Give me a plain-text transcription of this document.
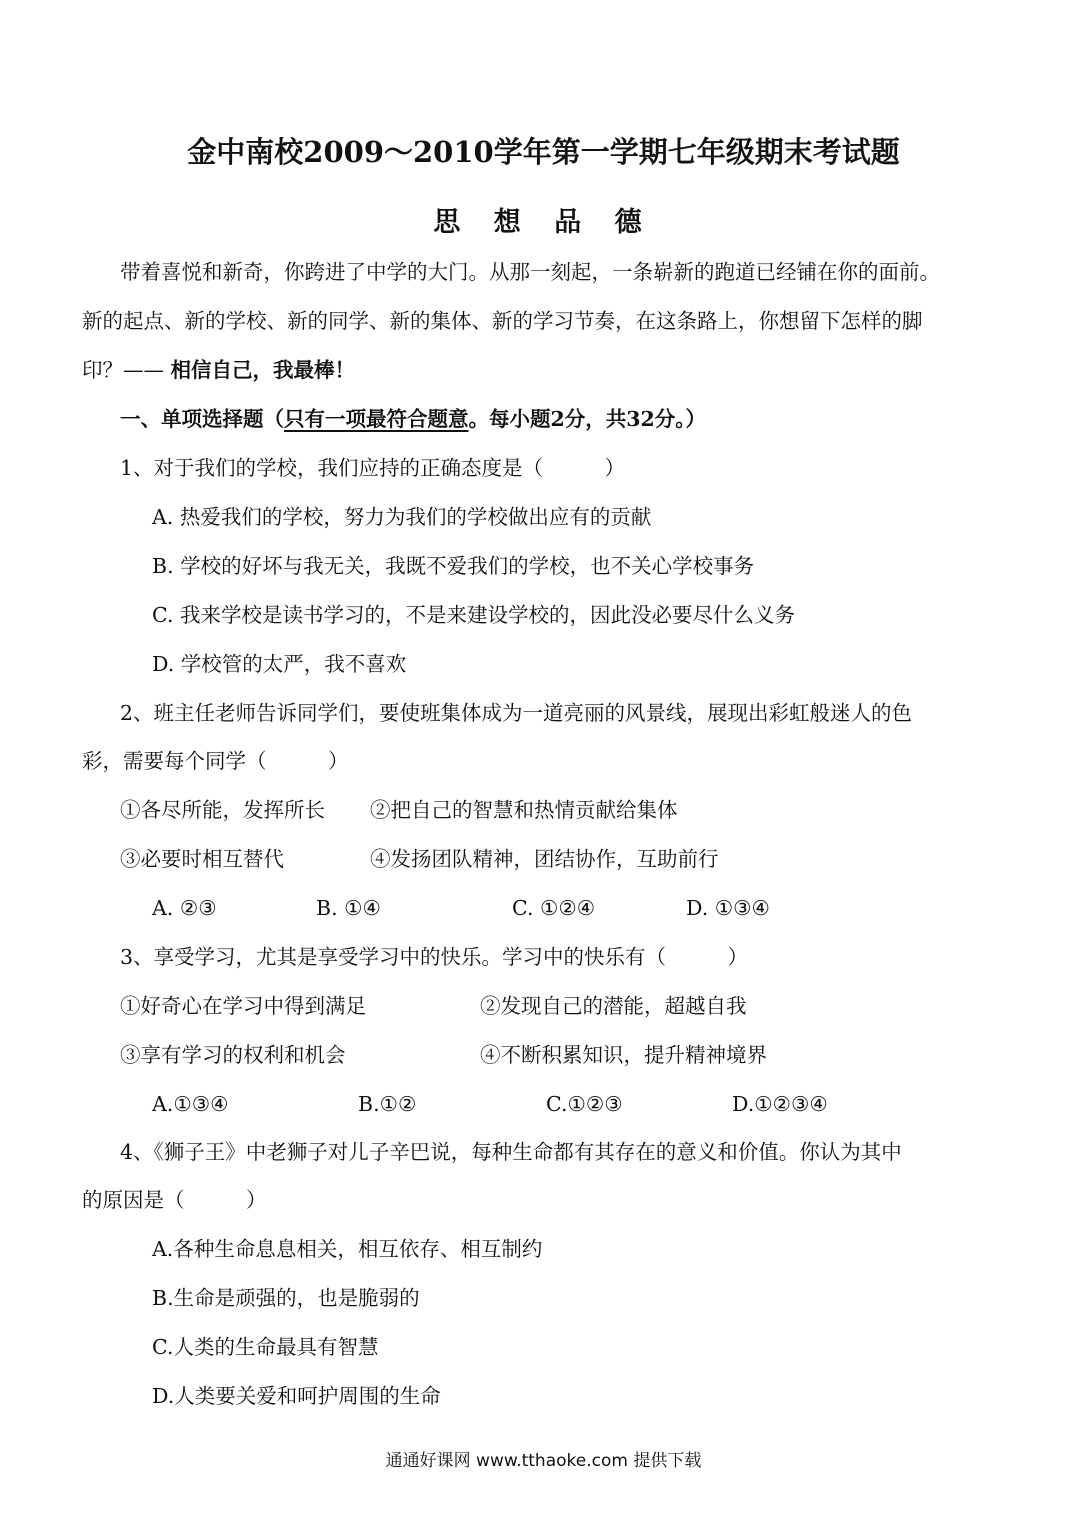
金中南校2009～2010学年第一学期七年级期末考试题
思 想 品 德
带着喜悦和新奇，你跨进了中学的大门。从那一刻起，一条崭新的跑道已经铺在你的面前。
新的起点、新的学校、新的同学、新的集体、新的学习节奏，在这条路上，你想留下怎样的脚
印？—— 相信自己，我最棒！
一、单项选择题（只有一项最符合题意。每小题2分，共32分。）
1、对于我们的学校，我们应持的正确态度是（　　　）
A. 热爱我们的学校，努力为我们的学校做出应有的贡献
B. 学校的好坏与我无关，我既不爱我们的学校，也不关心学校事务
C. 我来学校是读书学习的，不是来建设学校的，因此没必要尽什么义务
D. 学校管的太严，我不喜欢
2、班主任老师告诉同学们，要使班集体成为一道亮丽的风景线，展现出彩虹般迷人的色
彩，需要每个同学（　　　）
①各尽所能，发挥所长 ②把自己的智慧和热情贡献给集体
③必要时相互替代	④发扬团队精神，团结协作，互助前行
A. ②③	B. ①④	C. ①②④	D. ①③④
3、享受学习，尤其是享受学习中的快乐。学习中的快乐有（　　　）
①好奇心在学习中得到满足	②发现自己的潜能，超越自我
③享有学习的权利和机会	④不断积累知识，提升精神境界
A.①③④	B.①②	C.①②③	D.①②③④
4、《狮子王》中老狮子对儿子辛巴说，每种生命都有其存在的意义和价值。你认为其中
的原因是（　　　）
A.各种生命息息相关，相互依存、相互制约
B.生命是顽强的，也是脆弱的
C.人类的生命最具有智慧
D.人类要关爱和呵护周围的生命
通通好课网 www.tthaoke.com 提供下载
